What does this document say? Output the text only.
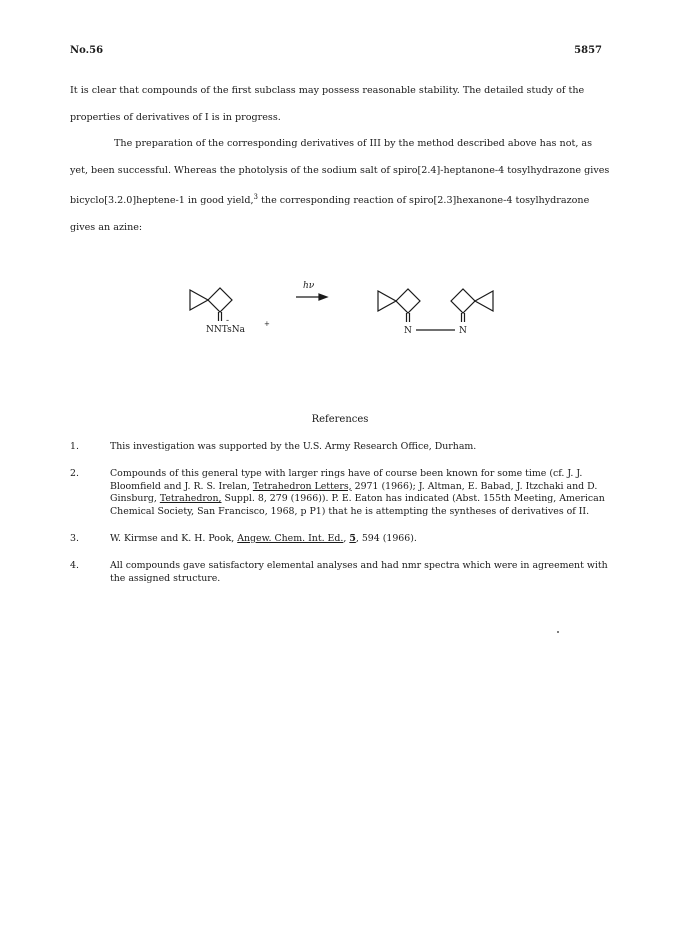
No.56	5857

It is clear that compounds of the first subclass may possess reasonable stability. The detailed study of the properties of derivatives of I is in progress.

The preparation of the corresponding derivatives of III by the method described above has not, as yet, been successful. Whereas the photolysis of the sodium salt of spiro[2.4]-heptanone-4 tosylhydrazone gives bicyclo[3.2.0]heptene-1 in good yield,$^3$ the corresponding reaction of spiro[2.3]hexanone-4 tosylhydrazone gives an azine:

hν
-
NNTsNa
+
N	N
References
1.	This investigation was supported by the U.S. Army Research Office, Durham.
2.	Compounds of this general type with larger rings have of course been known for some time (cf. J. J. Bloomfield and J. R. S. Irelan, Tetrahedron Letters, 2971 (1966); J. Altman, E. Babad, J. Itzchaki and D. Ginsburg, Tetrahedron, Suppl. 8, 279 (1966)). P. E. Eaton has indicated (Abst. 155th Meeting, American Chemical Society, San Francisco, 1968, p P1) that he is attempting the syntheses of derivatives of II.
3.	W. Kirmse and K. H. Pook, Angew. Chem. Int. Ed., 5, 594 (1966).
4.	All compounds gave satisfactory elemental analyses and had nmr spectra which were in agreement with the assigned structure.
